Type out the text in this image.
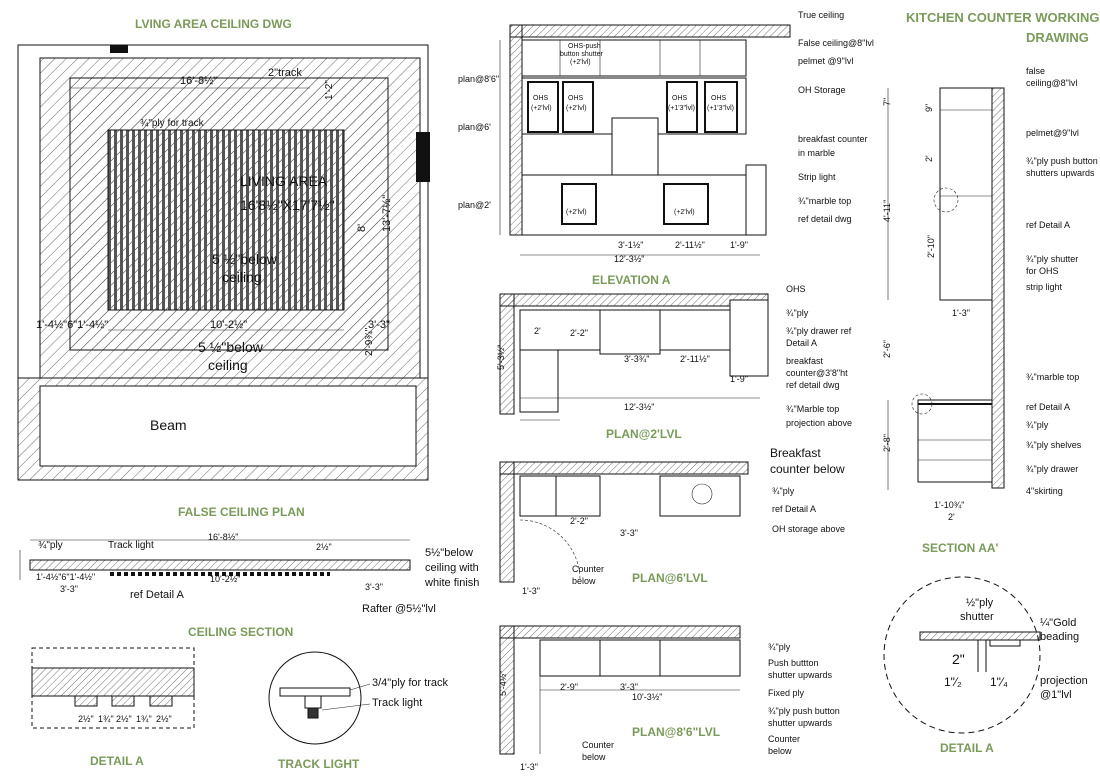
LVING AREA CEILING DWG
LIVING AREA
16'8½"X17'7½"
5 ½"below
ceiling
5 ½"below
ceiling
Beam
16'-8½"
2"track
¾"ply for track
1'-2"
8' 13'-7½"
10'-2½"	3'-3"
1'-4½"6"1'-4½"
2'-9¾"
FALSE CEILING PLAN
¾"ply	Track light
16'-8½"
2½"	5½"below
ceiling with
white finish
1'-4½"6"1'-4½"	10'-2½"
3'-3"	3'-3"
ref Detail A
Rafter @5½"lvl
CEILING SECTION
2½" 1¾" 2½" 1¾" 2½"
DETAIL A
3/4"ply for track
Track light
TRACK LIGHT
True ceiling
False ceiling@8"lvl
pelmet @9"lvl
OH Storage
breakfast counter
in marble
Strip light
¾"marble top
ref detail dwg
plan@8'6"
plan@6'
plan@2'
OHS-push
button shutter
(+2'lvl)
OHS
(+2'lvl)
OHS
(+2'lvl)
OHS
(+1'3"lvl)
OHS
(+1'3"lvl)
(+2'lvl)	(+2'lvl)
12'-3½"
2'-11½"
3'-1½"	1'-9"
ELEVATION A
OHS
¾"ply
¾"ply drawer ref
Detail A
breakfast
counter@3'8"ht
ref detail dwg
¾"Marble top
projection above
12'-3½"
3'-3¾"
2'-2"
2'-11½"
1'-9"
2'
5'-3½"
PLAN@2'LVL
Breakfast
counter below
¾"ply
ref Detail A
OH storage above
Counter
below
3'-3"
2'-2"
1'-3"
PLAN@6'LVL
¾"ply
Push buttton
shutter upwards
Fixed ply
¾"ply push button
shutter upwards
Counter
below
Counter
below
2'-9"	3'-3"
10'-3½"
1'-3"
5'-4½"
PLAN@8'6"LVL
KITCHEN COUNTER WORKING
DRAWING
false
ceiling@8"lvl
pelmet@9"lvl
¾"ply push button
shutters upwards
ref Detail A
¾"ply shutter
for OHS
strip light
¾"marble top
ref Detail A
¾"ply
¾"ply shelves
¾"ply drawer
4"skirting
7"
9"
2'
4'-11"
2'-10"
1'-3"
2'-6"
2'-8"
1'-10¾"
2'
SECTION AA'
½"ply
shutter	¼"Gold
beading
projection
@1"lvl
2"
1"⁄₂ 1"⁄₄
DETAIL A
